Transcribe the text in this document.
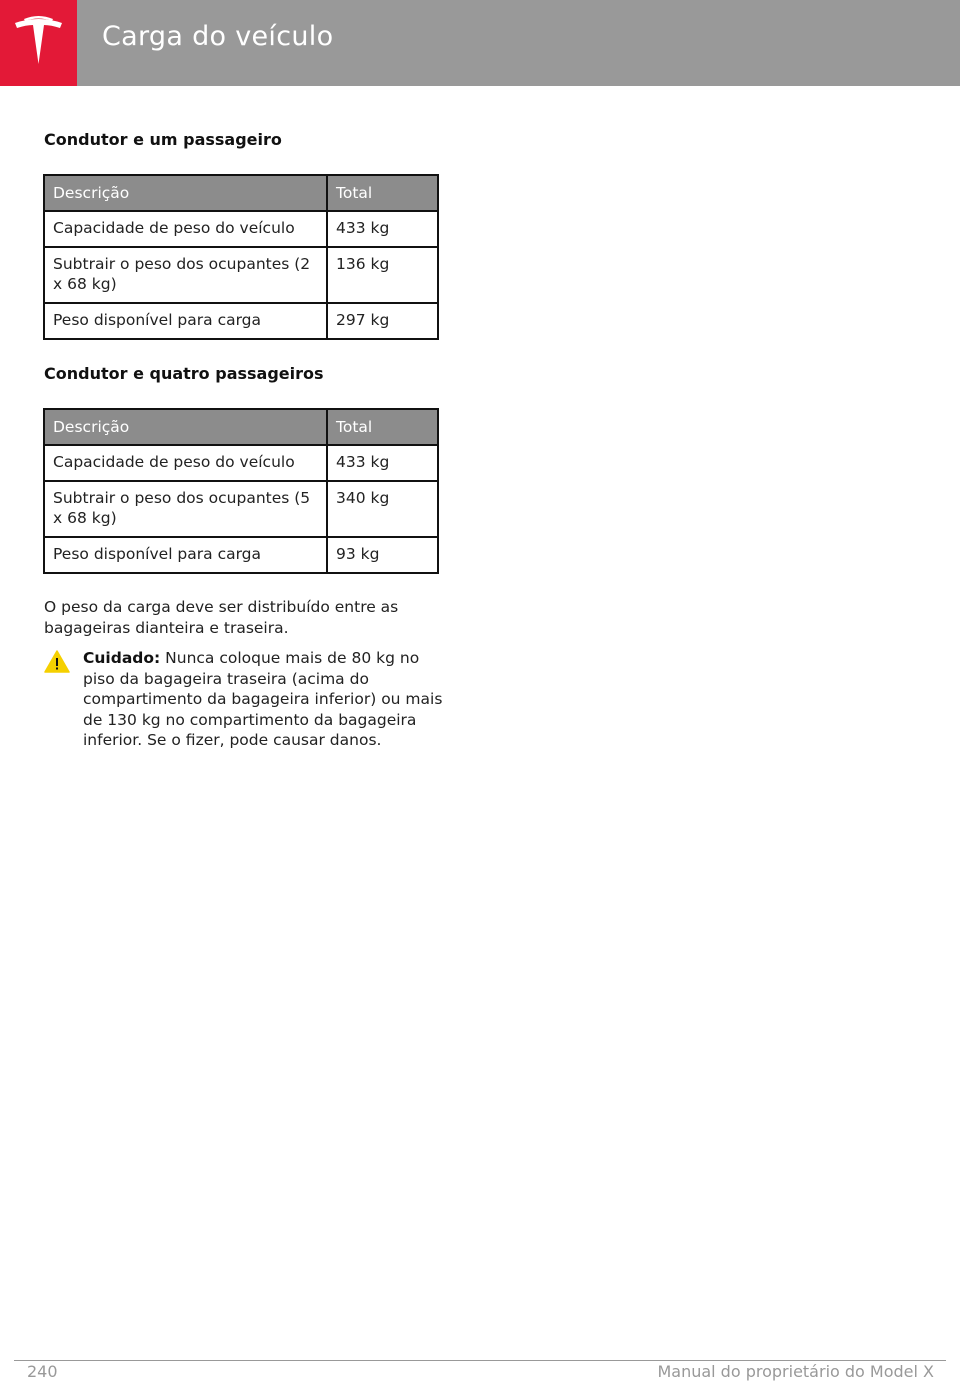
Carga do veículo
Condutor e um passageiro
Descrição	Total
Capacidade de peso do veículo	433 kg
Subtrair o peso dos ocupantes (2 x 68 kg)	136 kg
Peso disponível para carga	297 kg
Condutor e quatro passageiros
Descrição	Total
Capacidade de peso do veículo	433 kg
Subtrair o peso dos ocupantes (5 x 68 kg)	340 kg
Peso disponível para carga	93 kg
O peso da carga deve ser distribuído entre as bagageiras dianteira e traseira.
Cuidado: Nunca coloque mais de 80 kg no piso da bagageira traseira (acima do compartimento da bagageira inferior) ou mais de 130 kg no compartimento da bagageira inferior. Se o fizer, pode causar danos.
240	Manual do proprietário do Model X
